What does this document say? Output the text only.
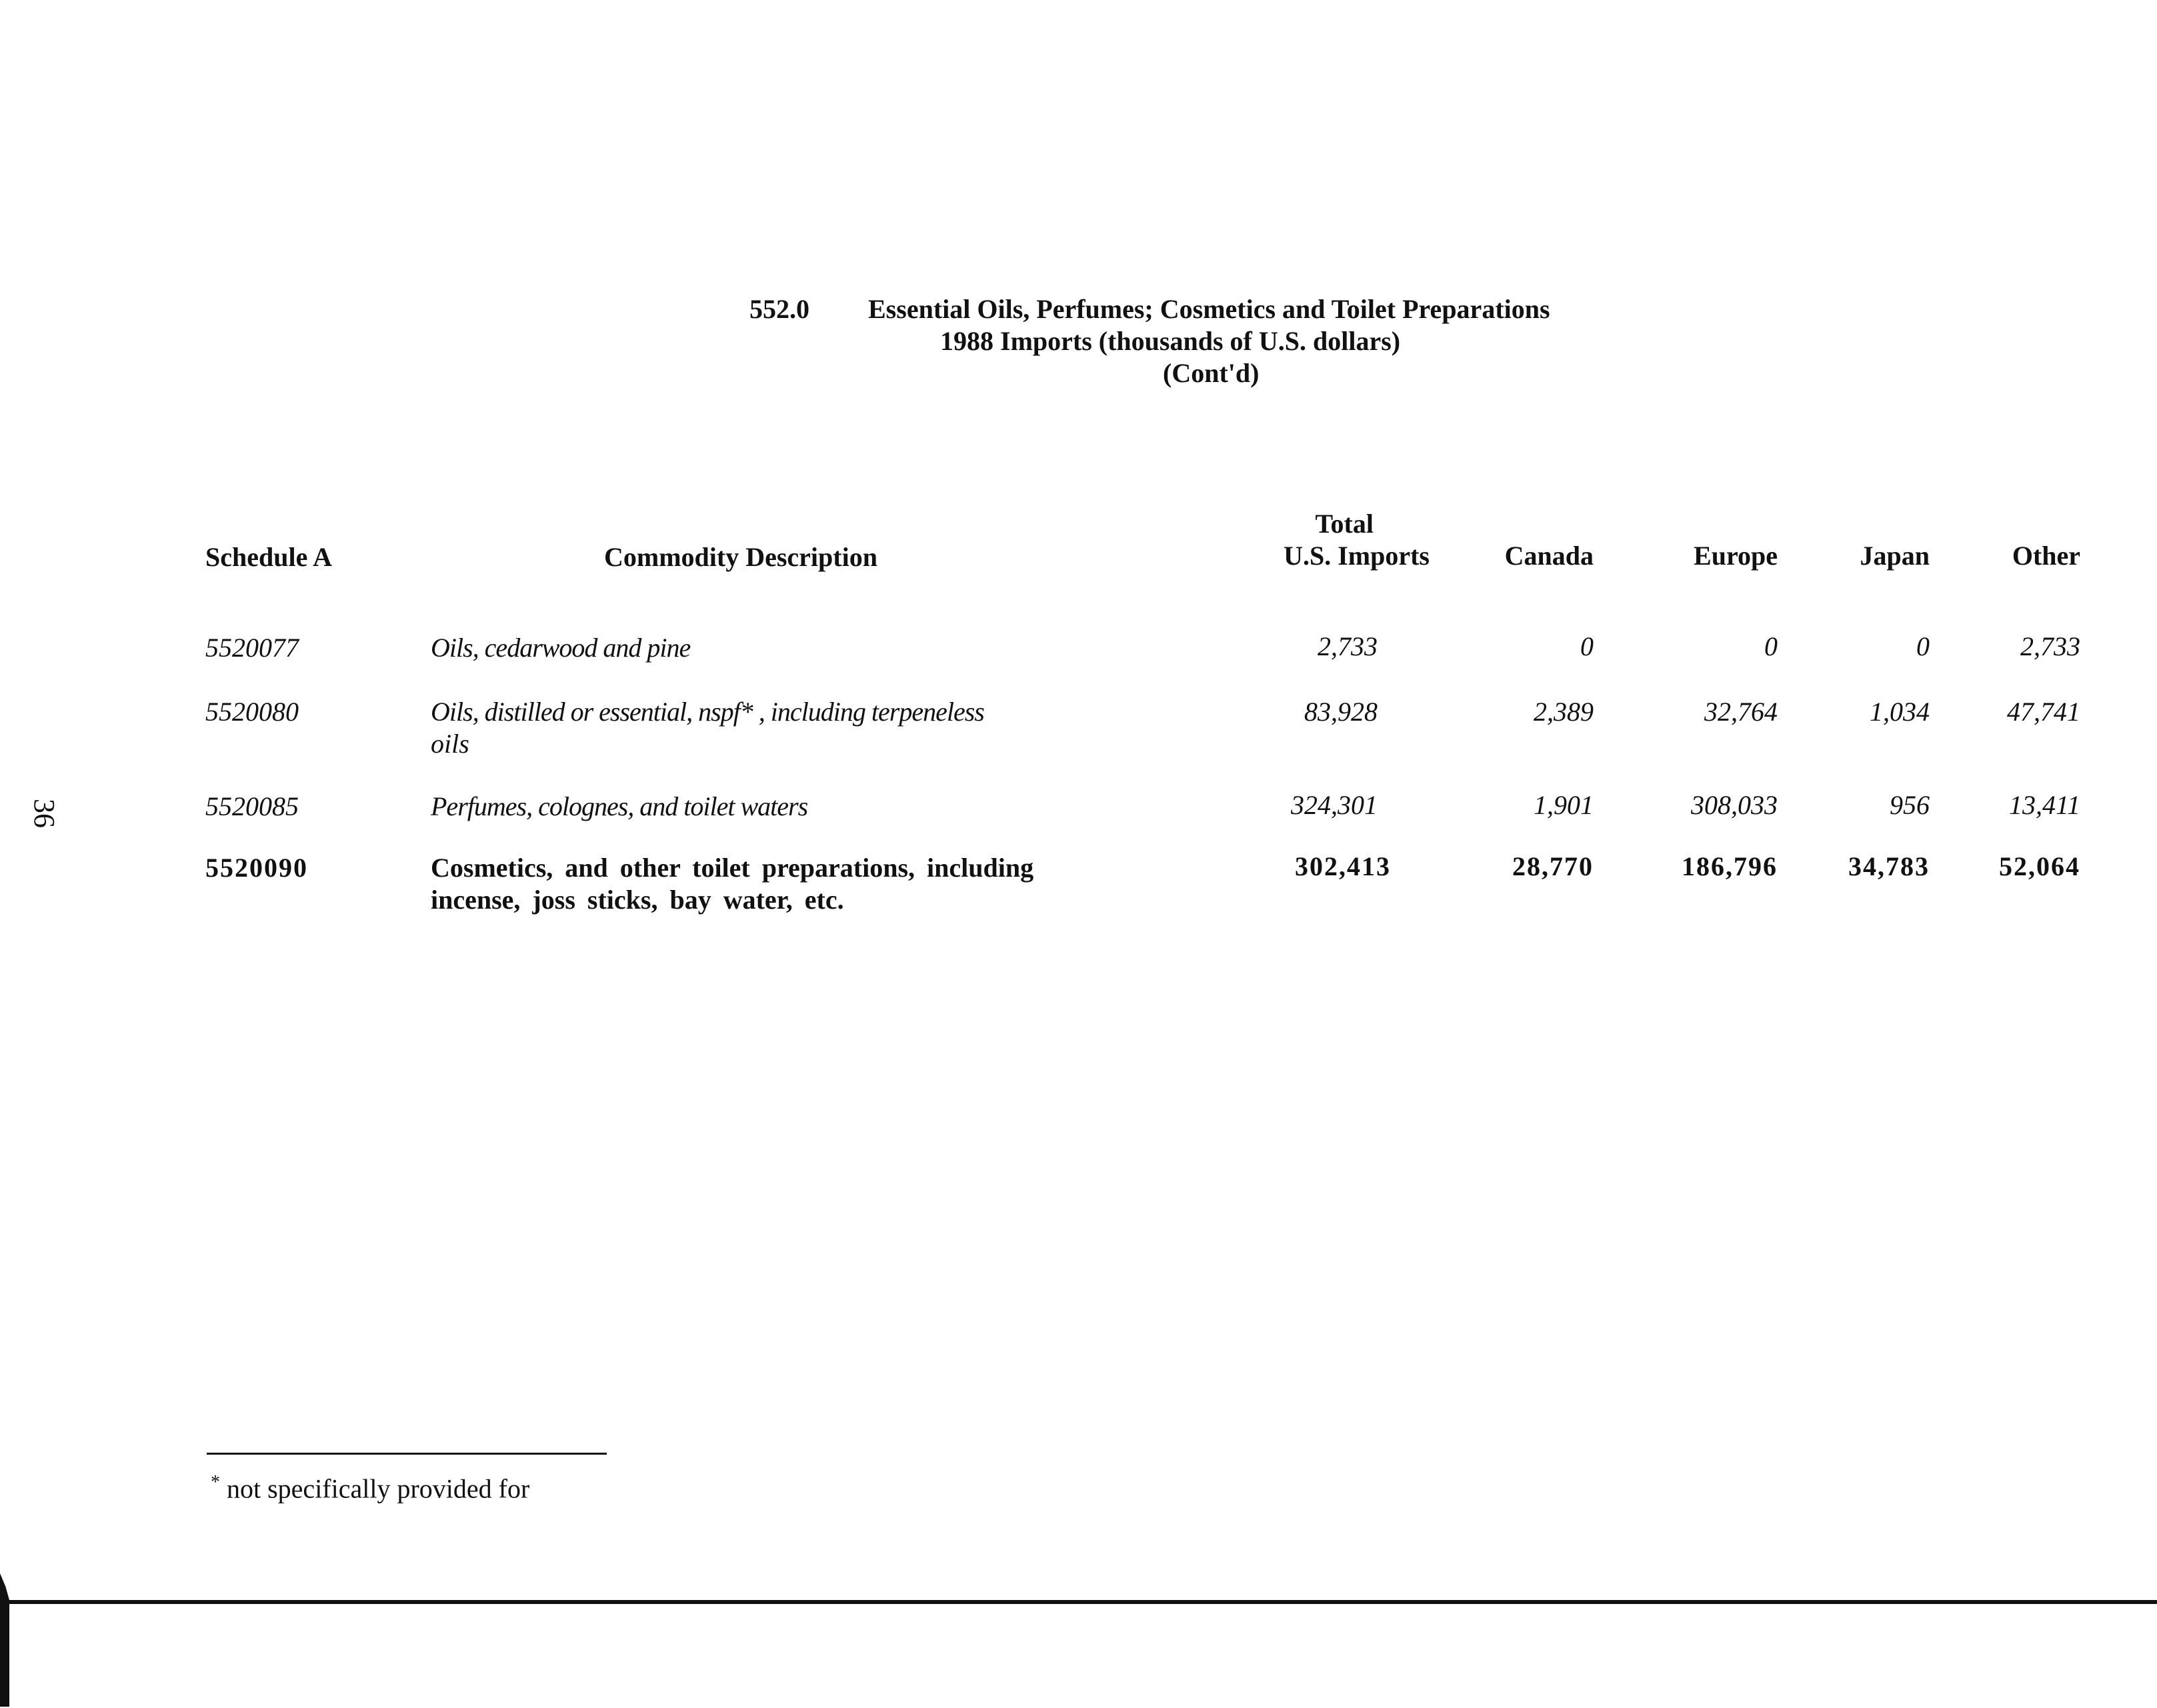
552.0 Essential Oils, Perfumes; Cosmetics and Toilet Preparations
1988 Imports (thousands of U.S. dollars)
(Cont'd)
36
Schedule A	Commodity Description
Total
U.S. Imports	Canada	Europe	Japan	Other
5520077	Oils, cedarwood and pine	2,733	0	0	0	2,733
5520080	Oils, distilled or essential, nspf* , including terpeneless
oils
83,928	2,389	32,764	1,034	47,741
5520085	Perfumes, colognes, and toilet waters	324,301	1,901	308,033	956	13,411
5520090	Cosmetics, and other toilet preparations, including
incense, joss sticks, bay water, etc.
302,413	28,770	186,796	34,783	52,064
* not specifically provided for
